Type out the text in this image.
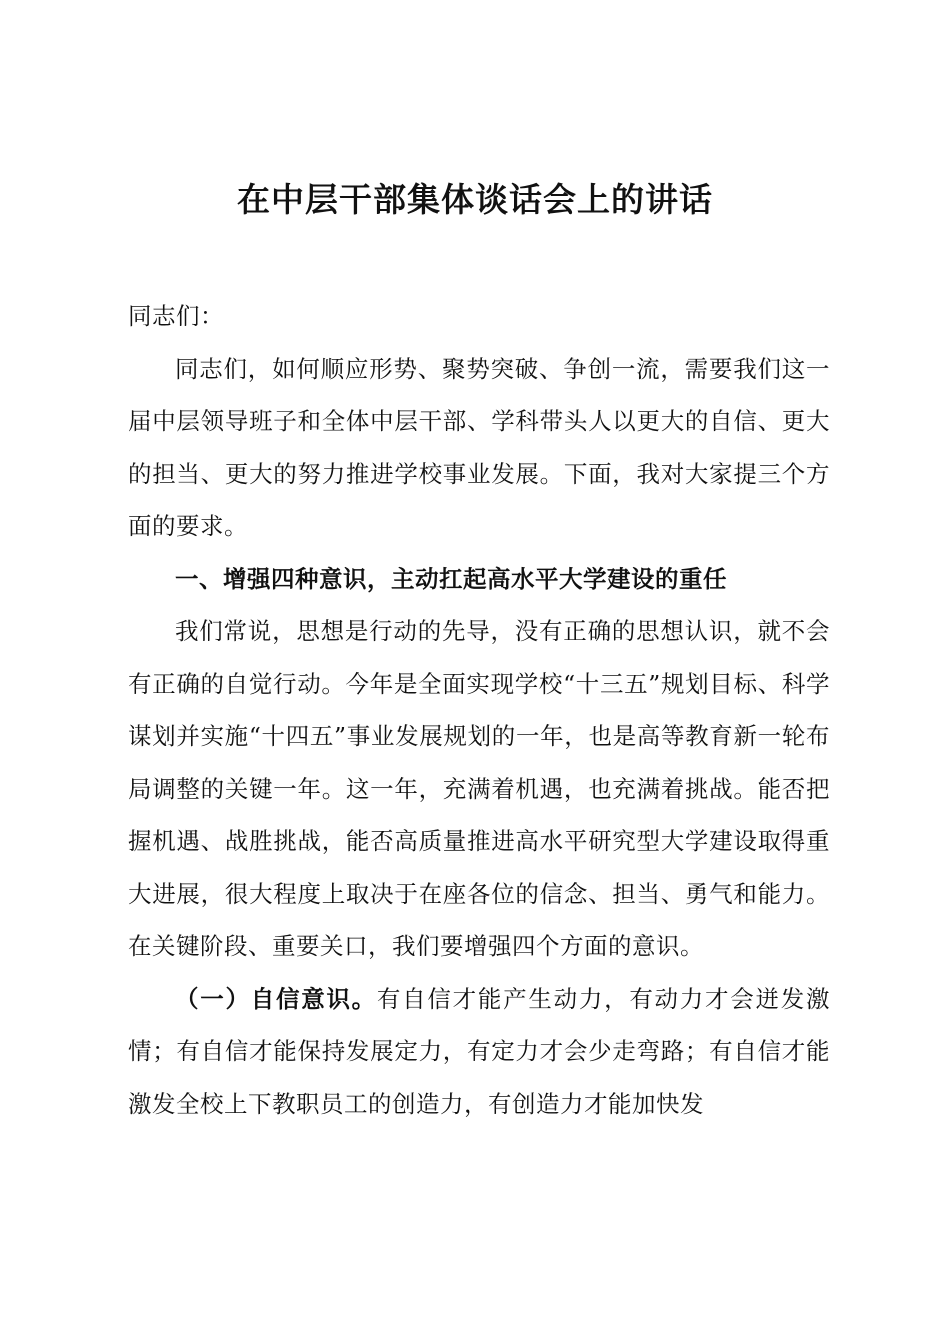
在中层干部集体谈话会上的讲话

同志们：

同志们，如何顺应形势、聚势突破、争创一流，需要我们这一届中层领导班子和全体中层干部、学科带头人以更大的自信、更大的担当、更大的努力推进学校事业发展。下面，我对大家提三个方面的要求。

一、增强四种意识，主动扛起高水平大学建设的重任

我们常说，思想是行动的先导，没有正确的思想认识，就不会有正确的自觉行动。今年是全面实现学校“十三五”规划目标、科学谋划并实施“十四五”事业发展规划的一年，也是高等教育新一轮布局调整的关键一年。这一年，充满着机遇，也充满着挑战。能否把握机遇、战胜挑战，能否高质量推进高水平研究型大学建设取得重大进展，很大程度上取决于在座各位的信念、担当、勇气和能力。在关键阶段、重要关口，我们要增强四个方面的意识。

（一）自信意识。有自信才能产生动力，有动力才会迸发激情；有自信才能保持发展定力，有定力才会少走弯路；有自信才能激发全校上下教职员工的创造力，有创造力才能加快发
